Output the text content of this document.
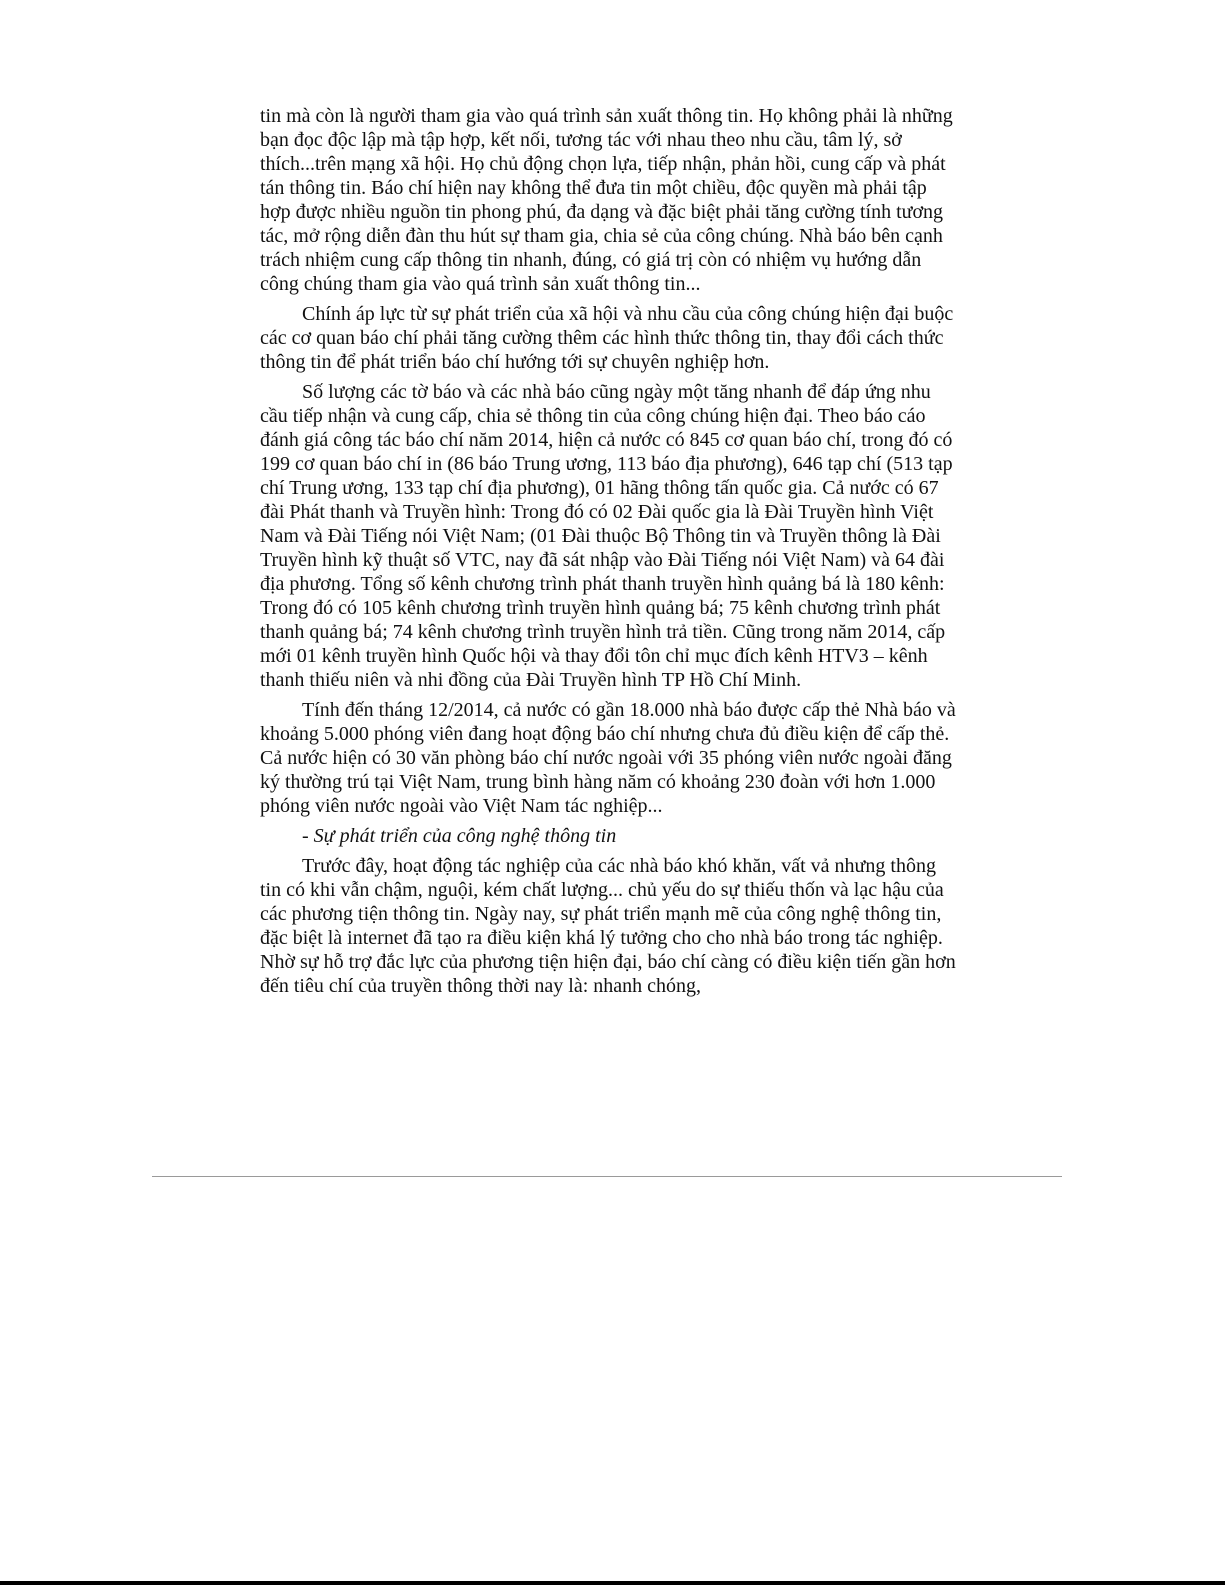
tin mà còn là người tham gia vào quá trình sản xuất thông tin. Họ không phải là những bạn đọc độc lập mà tập hợp, kết nối, tương tác với nhau theo nhu cầu, tâm lý, sở thích...trên mạng xã hội. Họ chủ động chọn lựa, tiếp nhận, phản hồi, cung cấp và phát tán thông tin. Báo chí hiện nay không thể đưa tin một chiều, độc quyền mà phải tập hợp được nhiều nguồn tin phong phú, đa dạng và đặc biệt phải tăng cường tính tương tác, mở rộng diễn đàn thu hút sự tham gia, chia sẻ của công chúng. Nhà báo bên cạnh trách nhiệm cung cấp thông tin nhanh, đúng, có giá trị còn có nhiệm vụ hướng dẫn công chúng tham gia vào quá trình sản xuất thông tin...

Chính áp lực từ sự phát triển của xã hội và nhu cầu của công chúng hiện đại buộc các cơ quan báo chí phải tăng cường thêm các hình thức thông tin, thay đổi cách thức thông tin để phát triển báo chí hướng tới sự chuyên nghiệp hơn.

Số lượng các tờ báo và các nhà báo cũng ngày một tăng nhanh để đáp ứng nhu cầu tiếp nhận và cung cấp, chia sẻ thông tin của công chúng hiện đại. Theo báo cáo đánh giá công tác báo chí năm 2014, hiện cả nước có 845 cơ quan báo chí, trong đó có 199 cơ quan báo chí in (86 báo Trung ương, 113 báo địa phương), 646 tạp chí (513 tạp chí Trung ương, 133 tạp chí địa phương), 01 hãng thông tấn quốc gia. Cả nước có 67 đài Phát thanh và Truyền hình: Trong đó có 02 Đài quốc gia là Đài Truyền hình Việt Nam và Đài Tiếng nói Việt Nam; (01 Đài thuộc Bộ Thông tin và Truyền thông là Đài Truyền hình kỹ thuật số VTC, nay đã sát nhập vào Đài Tiếng nói Việt Nam) và 64 đài địa phương. Tổng số kênh chương trình phát thanh truyền hình quảng bá là 180 kênh: Trong đó có 105 kênh chương trình truyền hình quảng bá; 75 kênh chương trình phát thanh quảng bá; 74 kênh chương trình truyền hình trả tiền. Cũng trong năm 2014, cấp mới 01 kênh truyền hình Quốc hội và thay đổi tôn chỉ mục đích kênh HTV3 – kênh thanh thiếu niên và nhi đồng của Đài Truyền hình TP Hồ Chí Minh.

Tính đến tháng 12/2014, cả nước có gần 18.000 nhà báo được cấp thẻ Nhà báo và khoảng 5.000 phóng viên đang hoạt động báo chí nhưng chưa đủ điều kiện để cấp thẻ. Cả nước hiện có 30 văn phòng báo chí nước ngoài với 35 phóng viên nước ngoài đăng ký thường trú tại Việt Nam, trung bình hàng năm có khoảng 230 đoàn với hơn 1.000 phóng viên nước ngoài vào Việt Nam tác nghiệp...

- Sự phát triển của công nghệ thông tin

Trước đây, hoạt động tác nghiệp của các nhà báo khó khăn, vất vả nhưng thông tin có khi vẫn chậm, nguội, kém chất lượng... chủ yếu do sự thiếu thốn và lạc hậu của các phương tiện thông tin. Ngày nay, sự phát triển mạnh mẽ của công nghệ thông tin, đặc biệt là internet đã tạo ra điều kiện khá lý tưởng cho cho nhà báo trong tác nghiệp. Nhờ sự hỗ trợ đắc lực của phương tiện hiện đại, báo chí càng có điều kiện tiến gần hơn đến tiêu chí của truyền thông thời nay là: nhanh chóng,
